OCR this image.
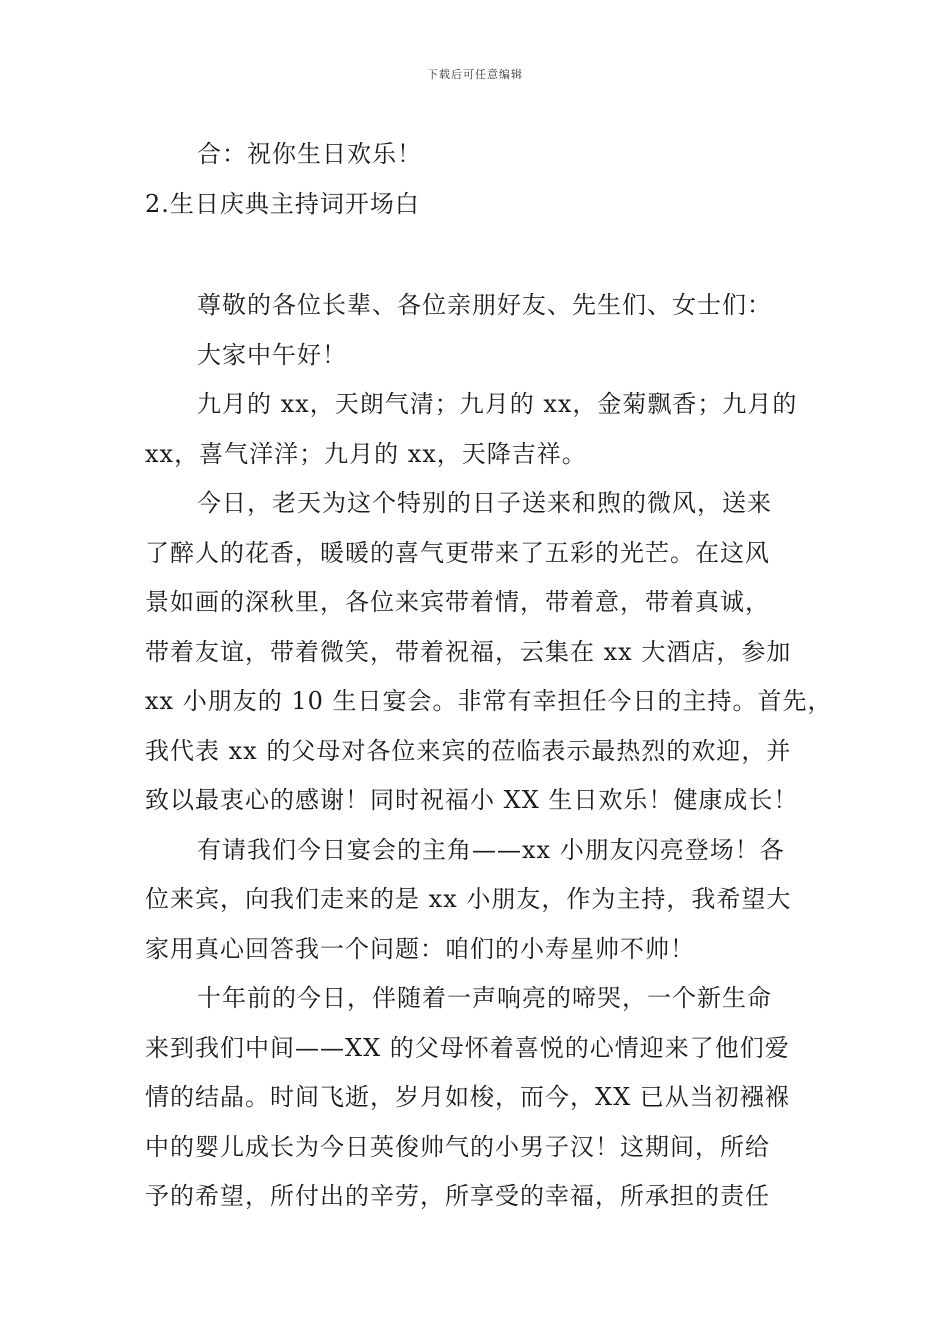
下载后可任意编辑
合：祝你生日欢乐！
2.生日庆典主持词开场白
尊敬的各位长辈、各位亲朋好友、先生们、女士们：
大家中午好！
九月的 xx，天朗气清；九月的 xx，金菊飘香；九月的
xx，喜气洋洋；九月的 xx，天降吉祥。
今日，老天为这个特别的日子送来和煦的微风，送来
了醉人的花香，暖暖的喜气更带来了五彩的光芒。在这风
景如画的深秋里，各位来宾带着情，带着意，带着真诚，
带着友谊，带着微笑，带着祝福，云集在 xx 大酒店，参加
xx 小朋友的 10 生日宴会。非常有幸担任今日的主持。首先，
我代表 xx 的父母对各位来宾的莅临表示最热烈的欢迎，并
致以最衷心的感谢！同时祝福小 XX 生日欢乐！健康成长！
有请我们今日宴会的主角——xx 小朋友闪亮登场！各
位来宾，向我们走来的是 xx 小朋友，作为主持，我希望大
家用真心回答我一个问题：咱们的小寿星帅不帅！
十年前的今日，伴随着一声响亮的啼哭，一个新生命
来到我们中间——XX 的父母怀着喜悦的心情迎来了他们爱
情的结晶。时间飞逝，岁月如梭，而今，XX 已从当初襁褓
中的婴儿成长为今日英俊帅气的小男子汉！这期间，所给
予的希望，所付出的辛劳，所享受的幸福，所承担的责任
